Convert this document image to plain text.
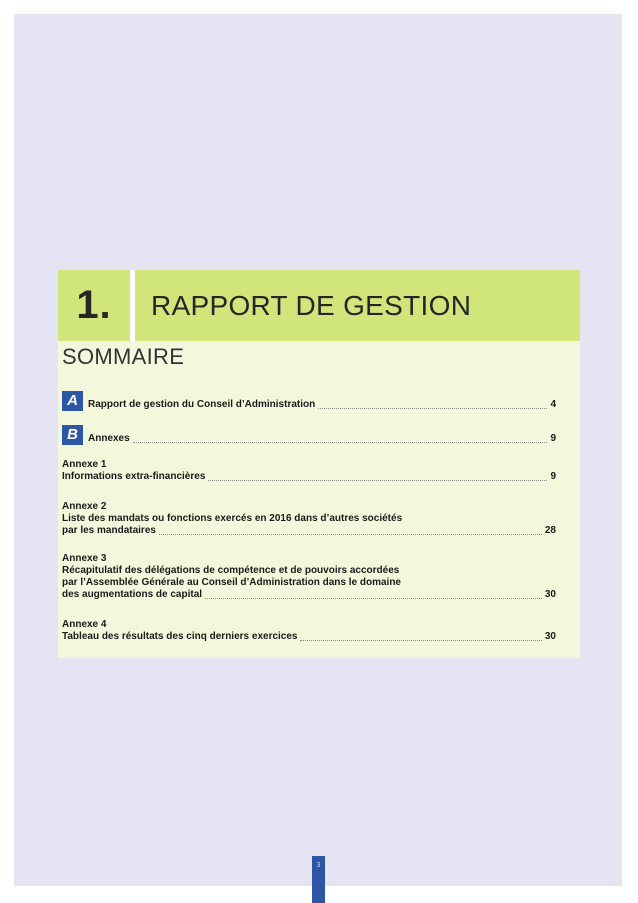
1.	RAPPORT DE GESTION
SOMMAIRE
A	Rapport de gestion du Conseil d’Administration	4
B	Annexes	9
Annexe 1
Informations extra-financières	9
Annexe 2
Liste des mandats ou fonctions exercés en 2016 dans d’autres sociétés
par les mandataires	28
Annexe 3
Récapitulatif des délégations de compétence et de pouvoirs accordées
par l’Assemblée Générale au Conseil d’Administration dans le domaine
des augmentations de capital	30
Annexe 4
Tableau des résultats des cinq derniers exercices	30
3
